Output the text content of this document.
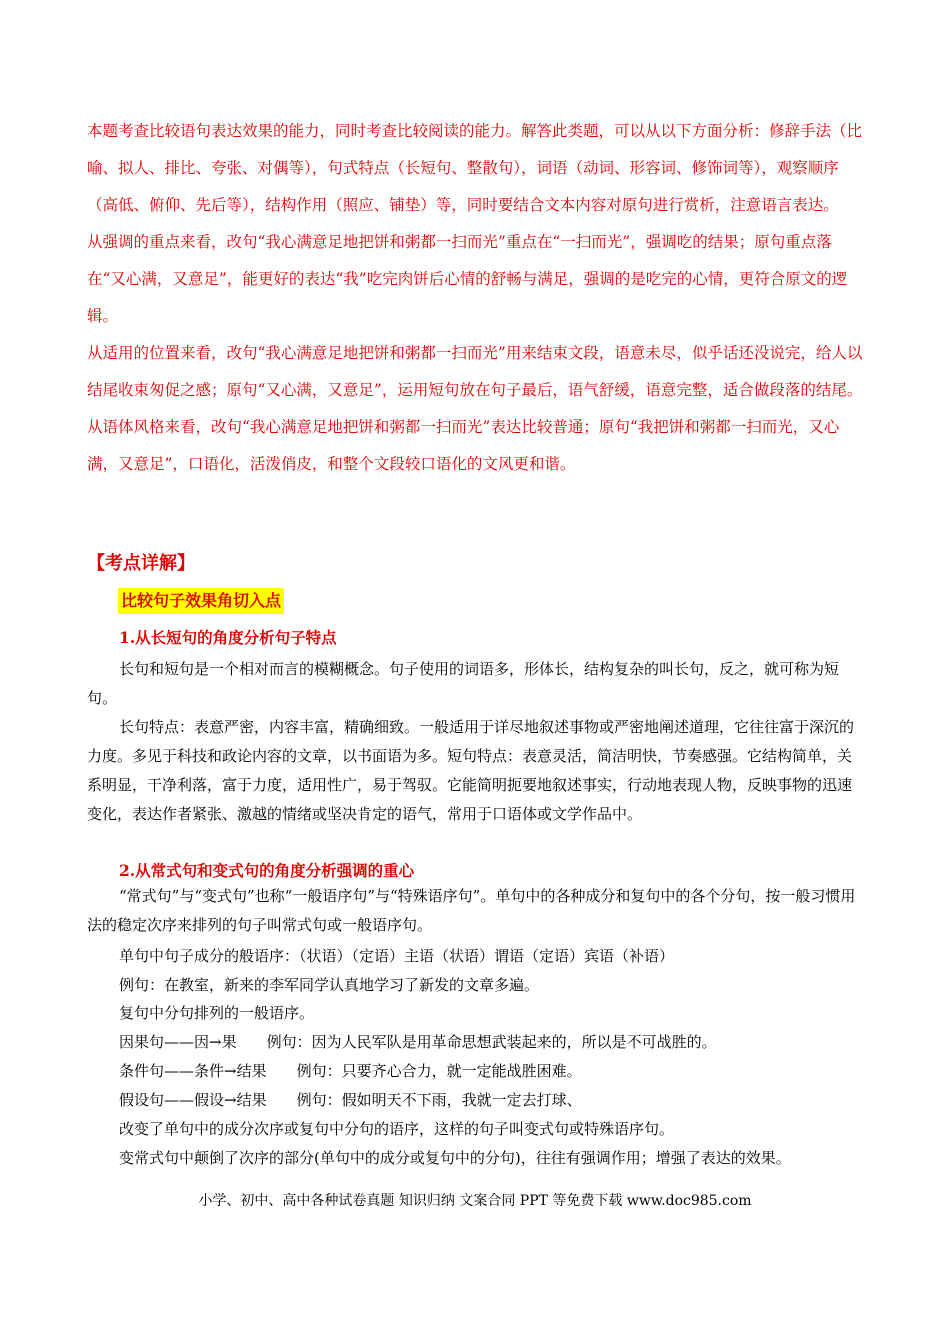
本题考查比较语句表达效果的能力，同时考查比较阅读的能力。解答此类题，可以从以下方面分析：修辞手法（比喻、拟人、排比、夸张、对偶等），句式特点（长短句、整散句），词语（动词、形容词、修饰词等），观察顺序（高低、俯仰、先后等），结构作用（照应、铺垫）等，同时要结合文本内容对原句进行赏析，注意语言表达。

从强调的重点来看，改句“我心满意足地把饼和粥都一扫而光”重点在“一扫而光”，强调吃的结果；原句重点落在“又心满，又意足”，能更好的表达“我”吃完肉饼后心情的舒畅与满足，强调的是吃完的心情，更符合原文的逻辑。

从适用的位置来看，改句“我心满意足地把饼和粥都一扫而光”用来结束文段，语意未尽，似乎话还没说完，给人以结尾收束匆促之感；原句“又心满，又意足”，运用短句放在句子最后，语气舒缓，语意完整，适合做段落的结尾。

从语体风格来看，改句“我心满意足地把饼和粥都一扫而光”表达比较普通；原句“我把饼和粥都一扫而光，又心满，又意足”，口语化，活泼俏皮，和整个文段较口语化的文风更和谐。

【考点详解】
比较句子效果角切入点
1.从长短句的角度分析句子特点

长句和短句是一个相对而言的模糊概念。句子使用的词语多，形体长，结构复杂的叫长句，反之，就可称为短句。

长句特点：表意严密，内容丰富，精确细致。一般适用于详尽地叙述事物或严密地阐述道理，它往往富于深沉的力度。多见于科技和政论内容的文章，以书面语为多。短句特点：表意灵活，简洁明快，节奏感强。它结构简单，关系明显，干净利落，富于力度，适用性广，易于驾驭。它能简明扼要地叙述事实，行动地表现人物，反映事物的迅速变化，表达作者紧张、激越的情绪或坚决肯定的语气，常用于口语体或文学作品中。

2.从常式句和变式句的角度分析强调的重心

“常式句”与“变式句”也称“一般语序句”与“特殊语序句”。单句中的各种成分和复句中的各个分句，按一般习惯用法的稳定次序来排列的句子叫常式句或一般语序句。

单句中句子成分的般语序：（状语）（定语）主语（状语）谓语（定语）宾语（补语）
例句：在教室，新来的李军同学认真地学习了新发的文章多遍。
复句中分句排列的一般语序。
因果句——因→果　　例句：因为人民军队是用革命思想武装起来的，所以是不可战胜的。
条件句——条件→结果　　例句：只要齐心合力，就一定能战胜困难。
假设句——假设→结果　　例句：假如明天不下雨，我就一定去打球、
改变了单句中的成分次序或复句中分句的语序，这样的句子叫变式句或特殊语序句。
变常式句中颠倒了次序的部分(单句中的成分或复句中的分句)，往往有强调作用；增强了表达的效果。
小学、初中、高中各种试卷真题 知识归纳 文案合同 PPT 等免费下载 www.doc985.com
